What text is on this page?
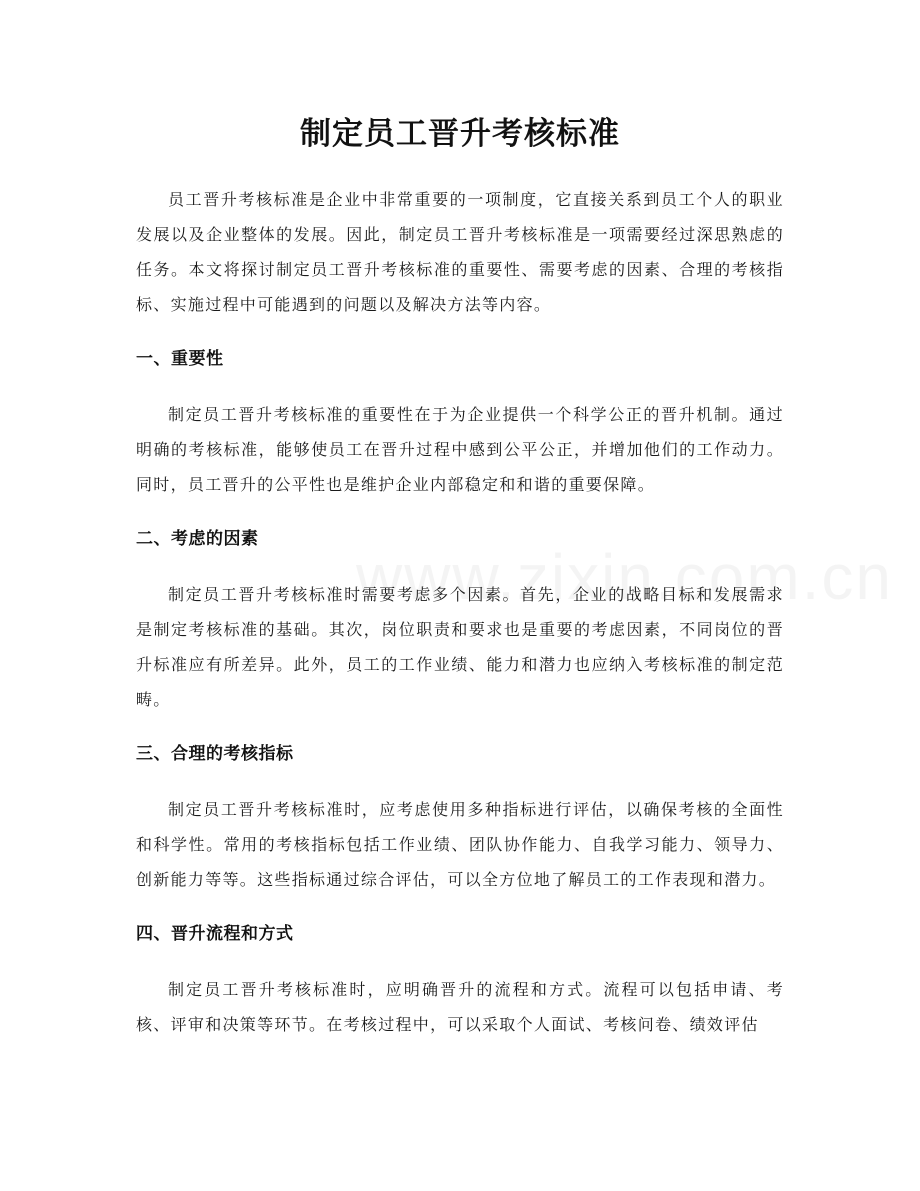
制定员工晋升考核标准

员工晋升考核标准是企业中非常重要的一项制度，它直接关系到员工个人的职业发展以及企业整体的发展。因此，制定员工晋升考核标准是一项需要经过深思熟虑的任务。本文将探讨制定员工晋升考核标准的重要性、需要考虑的因素、合理的考核指标、实施过程中可能遇到的问题以及解决方法等内容。

一、重要性

制定员工晋升考核标准的重要性在于为企业提供一个科学公正的晋升机制。通过明确的考核标准，能够使员工在晋升过程中感到公平公正，并增加他们的工作动力。同时，员工晋升的公平性也是维护企业内部稳定和和谐的重要保障。

二、考虑的因素

制定员工晋升考核标准时需要考虑多个因素。首先，企业的战略目标和发展需求是制定考核标准的基础。其次，岗位职责和要求也是重要的考虑因素，不同岗位的晋升标准应有所差异。此外，员工的工作业绩、能力和潜力也应纳入考核标准的制定范畴。

三、合理的考核指标

制定员工晋升考核标准时，应考虑使用多种指标进行评估，以确保考核的全面性和科学性。常用的考核指标包括工作业绩、团队协作能力、自我学习能力、领导力、创新能力等等。这些指标通过综合评估，可以全方位地了解员工的工作表现和潜力。

四、晋升流程和方式

制定员工晋升考核标准时，应明确晋升的流程和方式。流程可以包括申请、考核、评审和决策等环节。在考核过程中，可以采取个人面试、考核问卷、绩效评估
